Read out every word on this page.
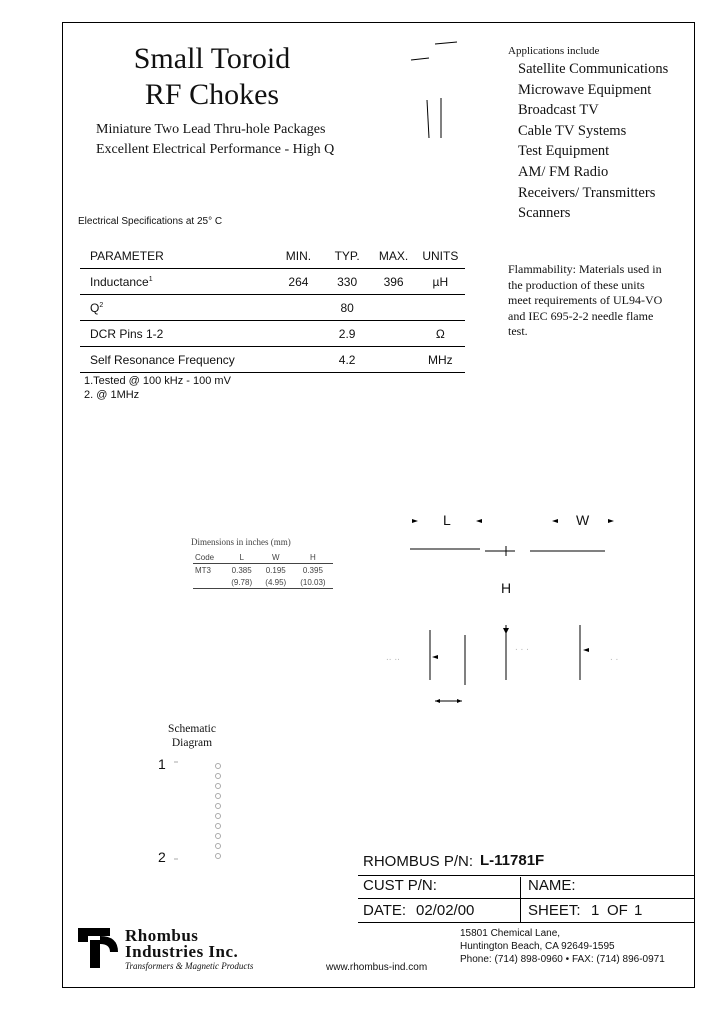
Small Toroid
RF Chokes
Miniature Two Lead Thru-hole Packages
Excellent Electrical Performance - High Q
Applications include
Satellite Communications
Microwave Equipment
Broadcast TV
Cable TV Systems
Test Equipment
AM/ FM Radio
Receivers/ Transmitters
Scanners
Flammability: Materials used in
the production of these units
meet requirements of UL94-VO
and IEC 695-2-2 needle flame
test.
Electrical Specifications at 25° C
PARAMETER	MIN.	TYP.	MAX.	UNITS
Inductance$^1$	264	330	396	µH
$Q^2$		80		
DCR Pins 1-2		2.9		Ω
Self Resonance Frequency		4.2		MHz
1.Tested @ 100 kHz - 100 mV
2. @ 1MHz
Dimensions in inches (mm)
Code	L	W	H
MT3	0.385	0.195	0.395
	(9.78)	(4.95)	(10.03)
L	W
H
.. ..
. . .
. .
Schematic
Diagram
1
2	RHOMBUS P/N: L-11781F
CUST P/N:	NAME:
DATE: 02/02/00	SHEET: 1 OF 1
Rhombus
Industries Inc.
Transformers & Magnetic Products
15801 Chemical Lane,
Huntington Beach, CA 92649-1595
Phone: (714) 898-0960 • FAX: (714) 896-0971
www.rhombus-ind.com
